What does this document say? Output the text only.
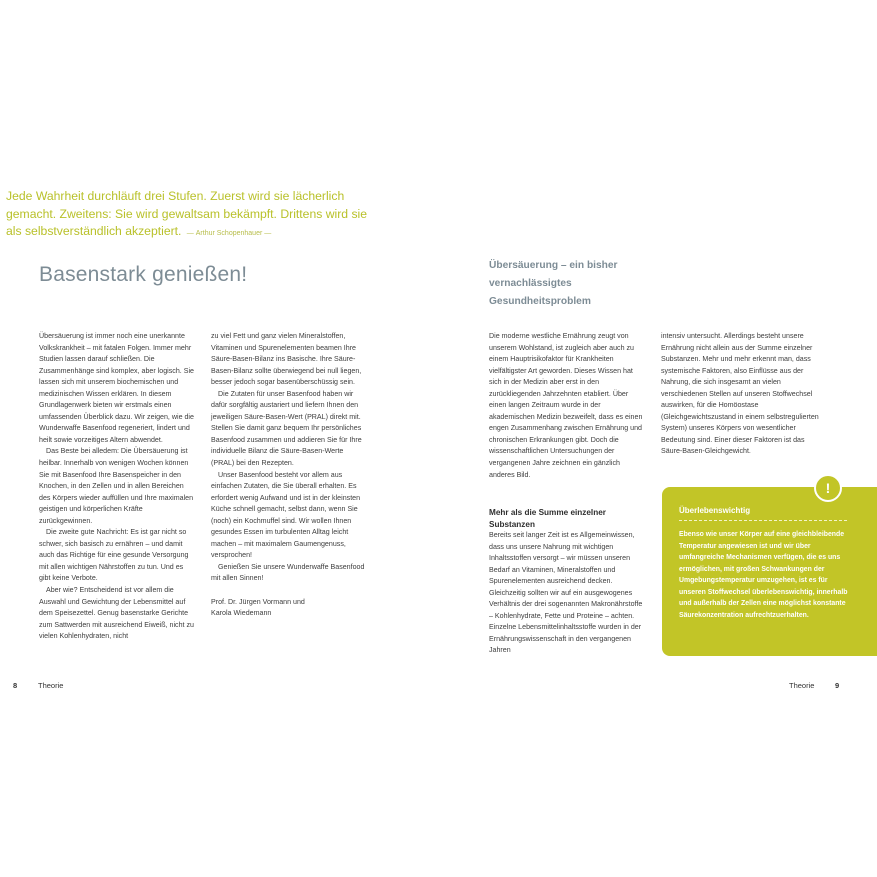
Jede Wahrheit durchläuft drei Stufen. Zuerst wird sie lächerlich gemacht. Zweitens: Sie wird gewaltsam bekämpft. Drittens wird sie als selbstverständlich akzeptiert. — Arthur Schopenhauer —
Basenstark genießen!

Übersäuerung ist immer noch eine unerkannte Volkskrankheit – mit fatalen Folgen. Immer mehr Studien lassen darauf schließen. Die Zusammenhänge sind komplex, aber logisch. Sie lassen sich mit unserem biochemischen und medizinischen Wissen erklären. In diesem Grundlagenwerk bieten wir erstmals einen umfassenden Überblick dazu. Wir zeigen, wie die Wunderwaffe Basenfood regeneriert, lindert und heilt sowie vorzeitiges Altern abwendet.

Das Beste bei alledem: Die Übersäuerung ist heilbar. Innerhalb von wenigen Wochen können Sie mit Basenfood Ihre Basenspeicher in den Knochen, in den Zellen und in allen Bereichen des Körpers wieder auffüllen und Ihre maximalen geistigen und körperlichen Kräfte zurückgewinnen.

Die zweite gute Nachricht: Es ist gar nicht so schwer, sich basisch zu ernähren – und damit auch das Richtige für eine gesunde Versorgung mit allen wichtigen Nährstoffen zu tun. Und es gibt keine Verbote.

Aber wie? Entscheidend ist vor allem die Auswahl und Gewichtung der Lebensmittel auf dem Speisezettel. Genug basenstarke Gerichte zum Sattwerden mit ausreichend Eiweiß, nicht zu vielen Kohlenhydraten, nicht

zu viel Fett und ganz vielen Mineralstoffen, Vitaminen und Spurenelementen beamen Ihre Säure-Basen-Bilanz ins Basische. Ihre Säure-Basen-Bilanz sollte überwiegend bei null liegen, besser jedoch sogar basenüberschüssig sein.

Die Zutaten für unser Basenfood haben wir dafür sorgfältig austariert und liefern Ihnen den jeweiligen Säure-Basen-Wert (PRAL) direkt mit. Stellen Sie damit ganz bequem Ihr persönliches Basenfood zusammen und addieren Sie für Ihre individuelle Bilanz die Säure-Basen-Werte (PRAL) bei den Rezepten.

Unser Basenfood besteht vor allem aus einfachen Zutaten, die Sie überall erhalten. Es erfordert wenig Aufwand und ist in der kleinsten Küche schnell gemacht, selbst dann, wenn Sie (noch) ein Kochmuffel sind. Wir wollen Ihnen gesundes Essen im turbulenten Alltag leicht machen – mit maximalem Gaumengenuss, versprochen!

Genießen Sie unsere Wunderwaffe Basenfood mit allen Sinnen!

Prof. Dr. Jürgen Vormann und

Karola Wiedemann

8	Theorie
Übersäuerung – ein bisher vernachlässigtes Gesundheitsproblem

Die moderne westliche Ernährung zeugt von unserem Wohlstand, ist zugleich aber auch zu einem Hauptrisikofaktor für Krankheiten vielfältigster Art geworden. Dieses Wissen hat sich in der Medizin aber erst in den zurückliegenden Jahrzehnten etabliert. Über einen langen Zeitraum wurde in der akademischen Medizin bezweifelt, dass es einen engen Zusammenhang zwischen Ernährung und chronischen Erkrankungen gibt. Doch die wissenschaftlichen Untersuchungen der vergangenen Jahre zeichnen ein gänzlich anderes Bild.

Mehr als die Summe einzelner Substanzen

Bereits seit langer Zeit ist es Allgemeinwissen, dass uns unsere Nahrung mit wichtigen Inhaltsstoffen versorgt – wir müssen unseren Bedarf an Vitaminen, Mineralstoffen und Spurenelementen ausreichend decken. Gleichzeitig sollten wir auf ein ausgewogenes Verhältnis der drei sogenannten Makronährstoffe – Kohlenhydrate, Fette und Proteine – achten. Einzelne Lebensmittelinhaltsstoffe wurden in der Ernährungswissenschaft in den vergangenen Jahren

intensiv untersucht. Allerdings besteht unsere Ernährung nicht allein aus der Summe einzelner Substanzen. Mehr und mehr erkennt man, dass systemische Faktoren, also Einflüsse aus der Nahrung, die sich insgesamt an vielen verschiedenen Stellen auf unseren Stoffwechsel auswirken, für die Homöostase (Gleichgewichtszustand in einem selbstregulierten System) unseres Körpers von wesentlicher Bedeutung sind. Einer dieser Faktoren ist das Säure-Basen-Gleichgewicht.

!
Überlebenswichtig
Ebenso wie unser Körper auf eine gleichbleibende Temperatur angewiesen ist und wir über umfangreiche Mechanismen verfügen, die es uns ermöglichen, mit großen Schwankungen der Umgebungstemperatur umzugehen, ist es für unseren Stoffwechsel überlebenswichtig, innerhalb und außerhalb der Zellen eine möglichst konstante Säurekonzentration aufrechtzuerhalten.
Theorie	9
